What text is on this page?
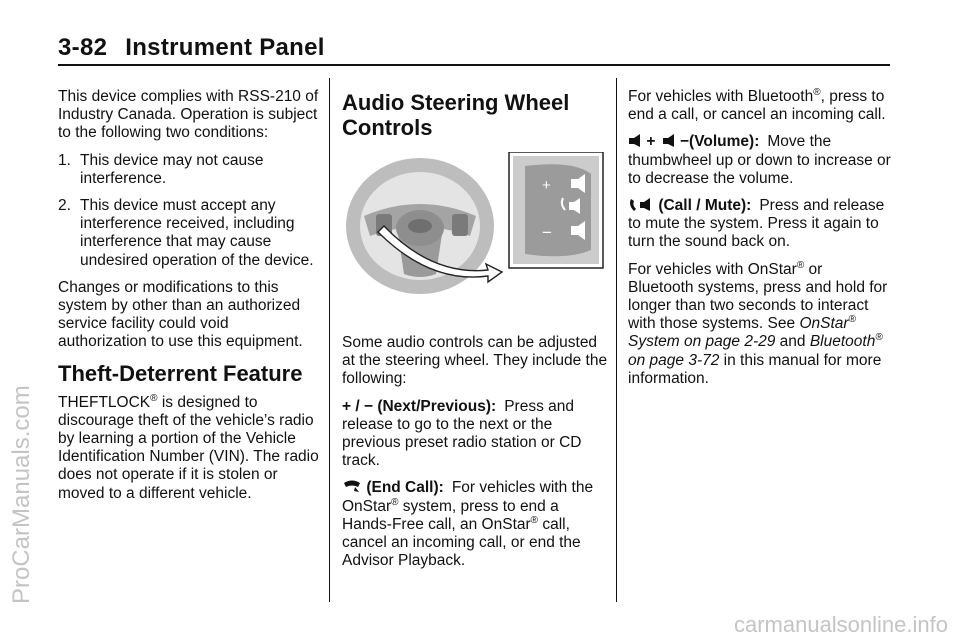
3-82 Instrument Panel

This device complies with RSS-210 of Industry Canada. Operation is subject to the following two conditions:

1. This device may not cause interference.
2. This device must accept any interference received, including interference that may cause undesired operation of the device.

Changes or modifications to this system by other than an authorized service facility could void authorization to use this equipment.

Theft-Deterrent Feature

THEFTLOCK® is designed to discourage theft of the vehicle’s radio by learning a portion of the Vehicle Identification Number (VIN). The radio does not operate if it is stolen or moved to a different vehicle.

Audio Steering Wheel Controls
+
−

Some audio controls can be adjusted at the steering wheel. They include the following:

+ / − (Next/Previous): Press and release to go to the next or the previous preset radio station or CD track.

(End Call): For vehicles with the OnStar® system, press to end a Hands-Free call, an OnStar® call, cancel an incoming call, or end the Advisor Playback.

For vehicles with Bluetooth®, press to end a call, or cancel an incoming call.

+ −(Volume): Move the thumbwheel up or down to increase or to decrease the volume.

(Call / Mute): Press and release to mute the system. Press it again to turn the sound back on.

For vehicles with OnStar® or Bluetooth systems, press and hold for longer than two seconds to interact with those systems. See OnStar® System on page 2-29 and Bluetooth® on page 3-72 in this manual for more information.

ProCarManuals.com
carmanualsonline.info
